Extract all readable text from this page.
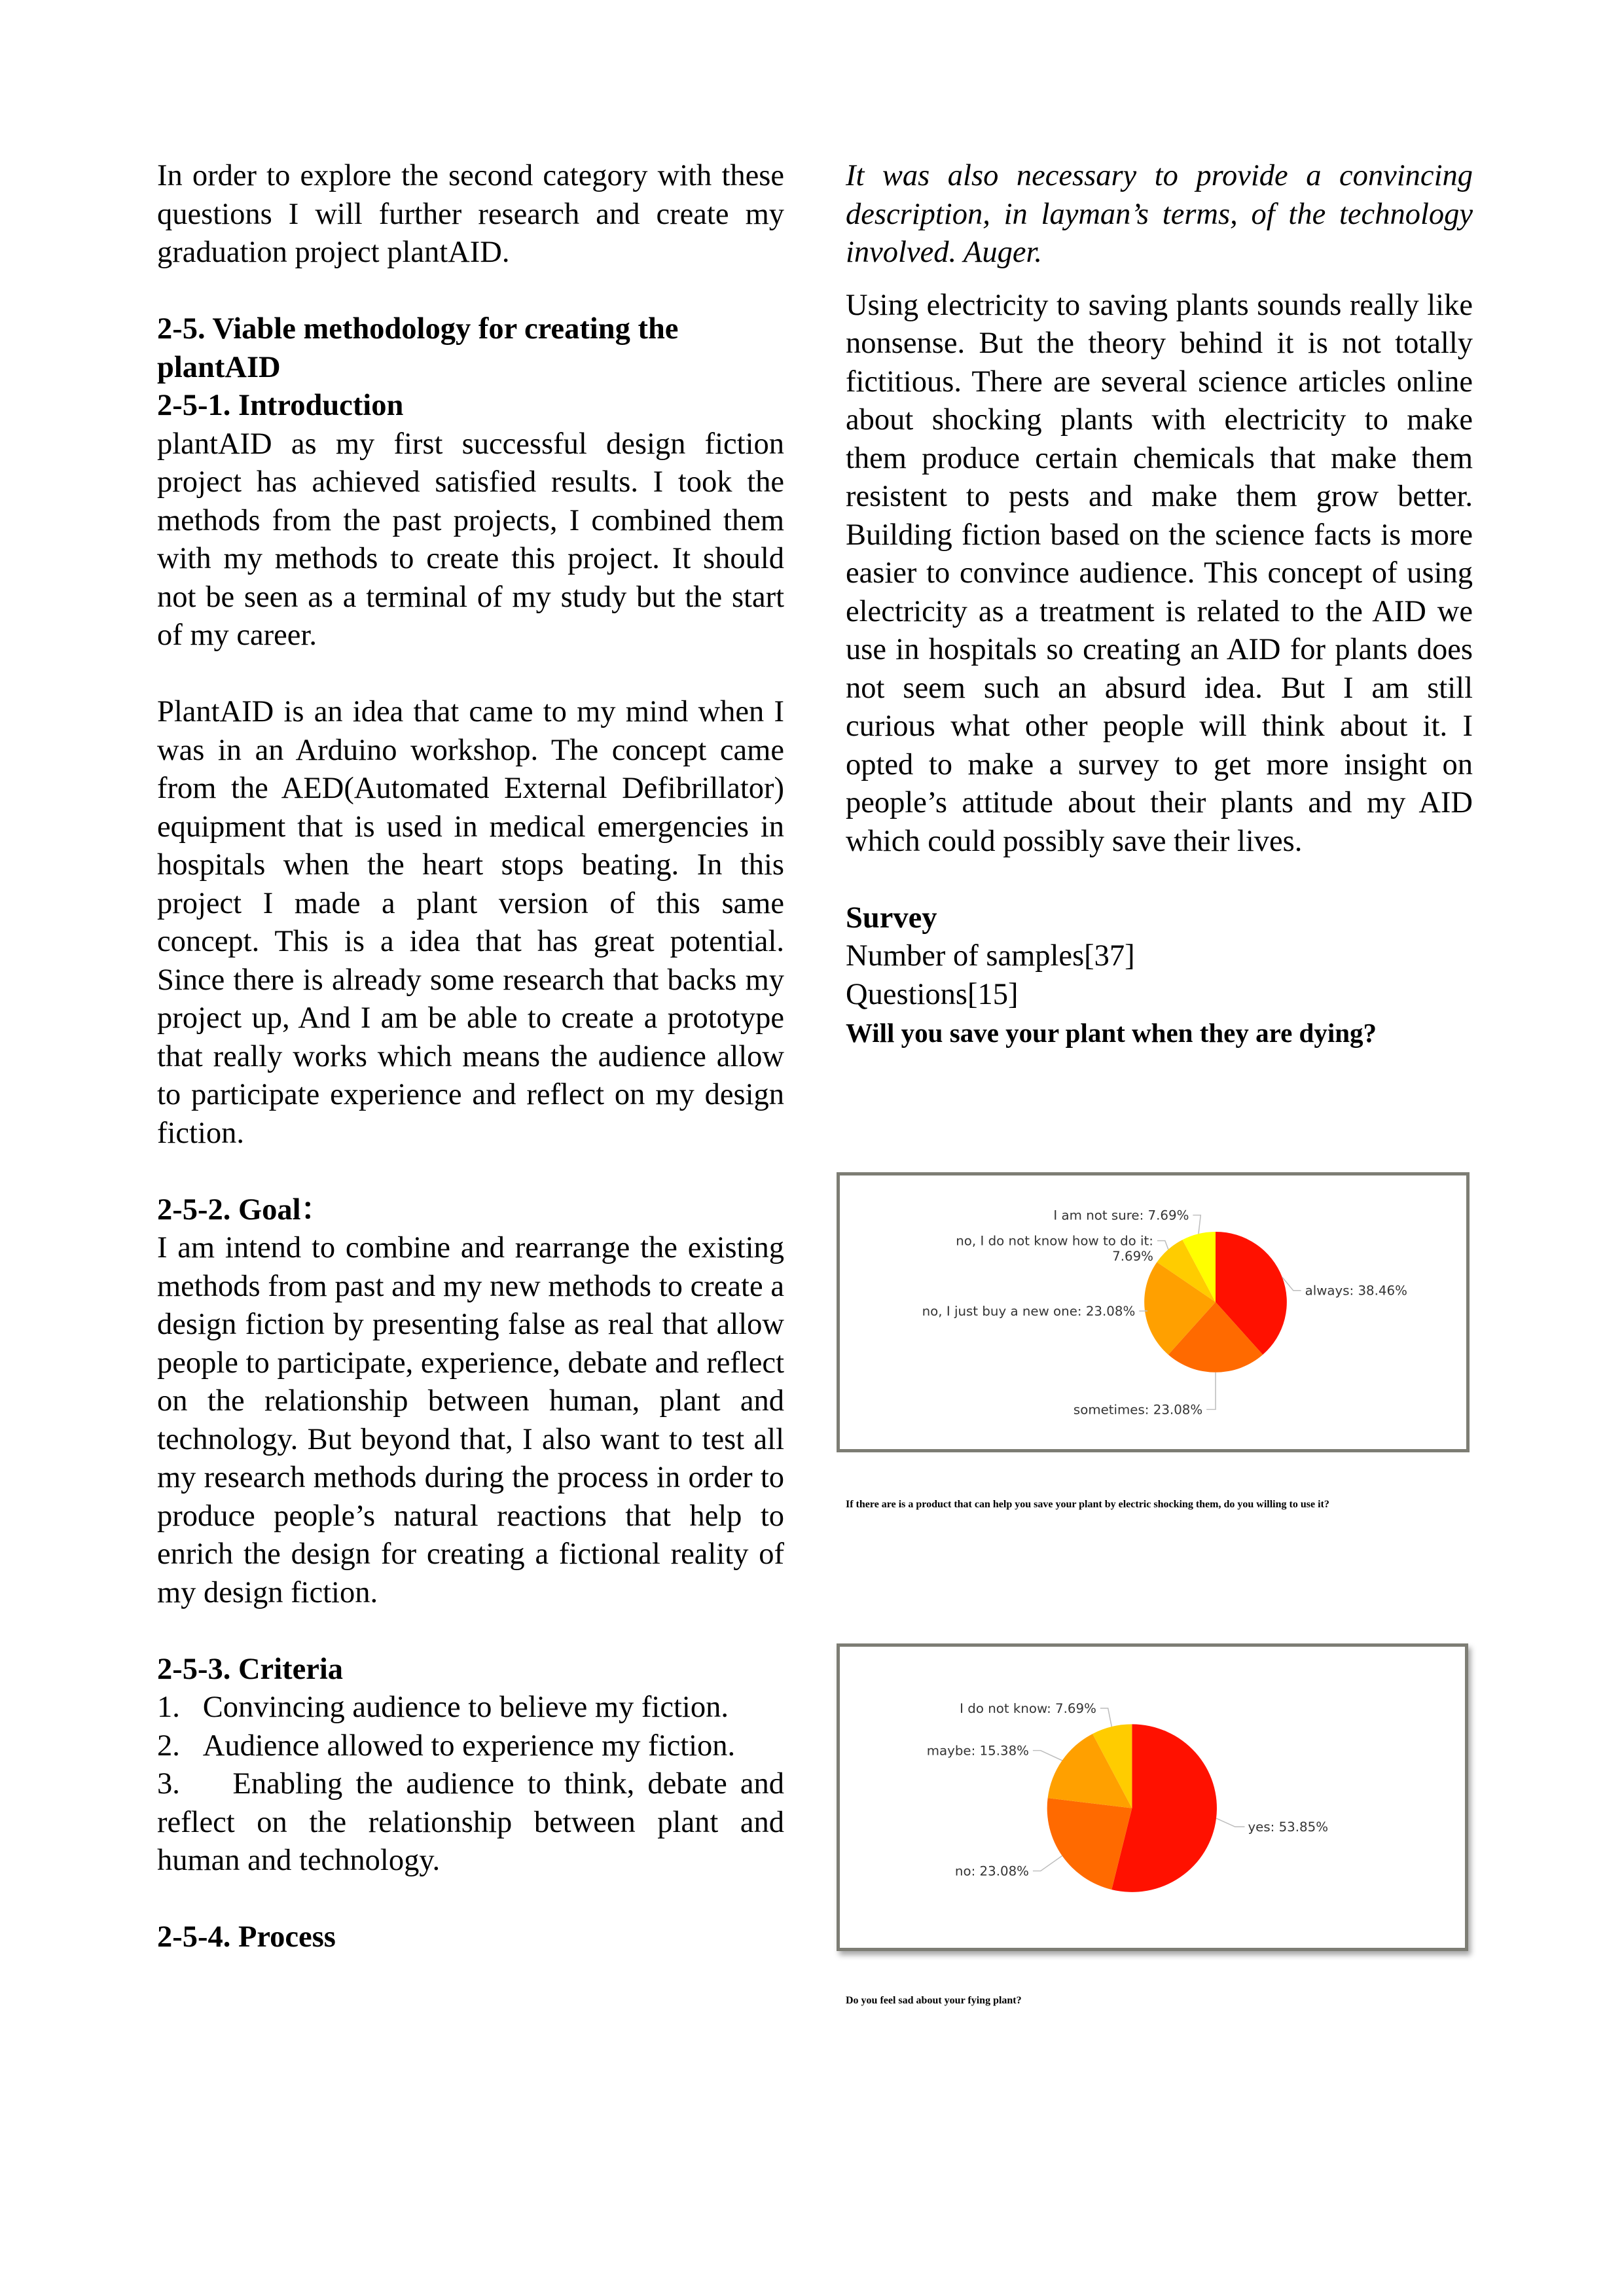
In order to explore the second category with these questions I will further research and create my graduation project plantAID.

2-5. Viable methodology for creating the
plantAID
2-5-1. Introduction

plantAID as my first successful design fiction project has achieved satisfied results. I took the methods from the past projects, I combined them with my methods to create this project. It should not be seen as a terminal of my study but the start of my career.

PlantAID is an idea that came to my mind when I was in an Arduino workshop. The concept came from the AED(Automated External Defibrillator) equipment that is used in medical emergencies in hospitals when the heart stops beating. In this project I made a plant version of this same concept. This is a idea that has great potential. Since there is already some research that backs my project up, And I am be able to create a prototype that really works which means the audience allow to participate experience and reflect on my design fiction.

2-5-2. Goal：

I am intend to combine and rearrange the existing methods from past and my new methods to create a design fiction by presenting false as real that allow people to participate, experience, debate and reflect on the relationship between human, plant and technology. But beyond that, I also want to test all my research methods during the process in order to produce people’s natural reactions that help to enrich the design for creating a fictional reality of my design fiction.

2-5-3. Criteria
1. Convincing audience to believe my fiction.
2. Audience allowed to experience my fiction.
3. Enabling the audience to think, debate and reflect on the relationship between plant and human and technology.
2-5-4. Process

It was also necessary to provide a convincing description, in layman’s terms, of the technology involved. Auger.

Using electricity to saving plants sounds really like nonsense. But the theory behind it is not totally fictitious. There are several science articles online about shocking plants with electricity to make them produce certain chemicals that make them resistent to pests and make them grow better. Building fiction based on the science facts is more easier to convince audience. This concept of using electricity as a treatment is related to the AID we use in hospitals so creating an AID for plants does not seem such an absurd idea. But I am still curious what other people will think about it. I opted to make a survey to get more insight on people’s attitude about their plants and my AID which could possibly save their lives.

Survey
Number of samples[37]
Questions[15]
Will you save your plant when they are dying?
always: 38.46%
sometimes: 23.08%
no, I just buy a new one: 23.08%
no, I do not know how to do it:
7.69%
I am not sure: 7.69%
If there are is a product that can help you save your plant by electric shocking them, do you willing to use it?
yes: 53.85%
no: 23.08%
maybe: 15.38%
I do not know: 7.69%
Do you feel sad about your fying plant?
